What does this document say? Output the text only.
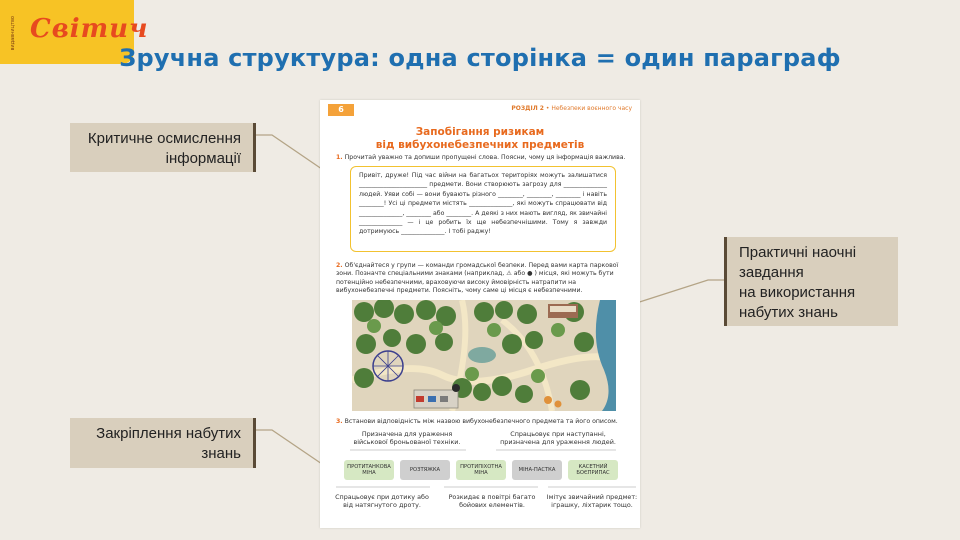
видавництво Світич
Зручна структура: одна сторінка = один параграф
Критичне осмислення
інформації
Практичні наочні
завдання
на використання
набутих знань
Закріплення набутих
знань
6	РОЗДІЛ 2 • Небезпеки воєнного часу
Запобігання ризикам
від вибухонебезпечних предметів
1. Прочитай уважно та допиши пропущені слова. Поясни, чому ця інформація важлива.
Привіт, друже! Під час війни на багатьох територіях можуть залишатися ______________________ предмети. Вони створюють загрозу для ______________ людей. Уяви собі — вони бувають різного ________, ________, ________ і навіть ________! Усі ці предмети містять ______________, які можуть спрацювати від ______________, ________ або ________. А деякі з них мають вигляд, як звичайні ______________ — і це робить їх ще небезпечнішими. Тому я завжди дотримуюсь ______________. І тобі раджу!
2. Об'єднайтеся у групи — команди громадської безпеки. Перед вами карта паркової зони. Позначте спеціальними знаками (наприклад, ⚠ або ● ) місця, які можуть бути потенційно небезпечними, враховуючи високу ймовірність натрапити на вибухонебезпечні предмети. Поясніть, чому саме ці місця є небезпечними.
3. Встанови відповідність між назвою вибухонебезпечного предмета та його описом.
Призначена для ураження військової броньованої техніки.
Спрацьовує при наступанні, призначена для ураження людей.
ПРОТИТАНКОВА МІНА	РОЗТЯЖКА	ПРОТИПІХОТНА МІНА	МІНА-ПАСТКА	КАСЕТНИЙ БОЄПРИПАС
Спрацьовує при дотику або від натягнутого дроту.
Розкидає в повітрі багато бойових елементів.
Імітує звичайний предмет: іграшку, ліхтарик тощо.
